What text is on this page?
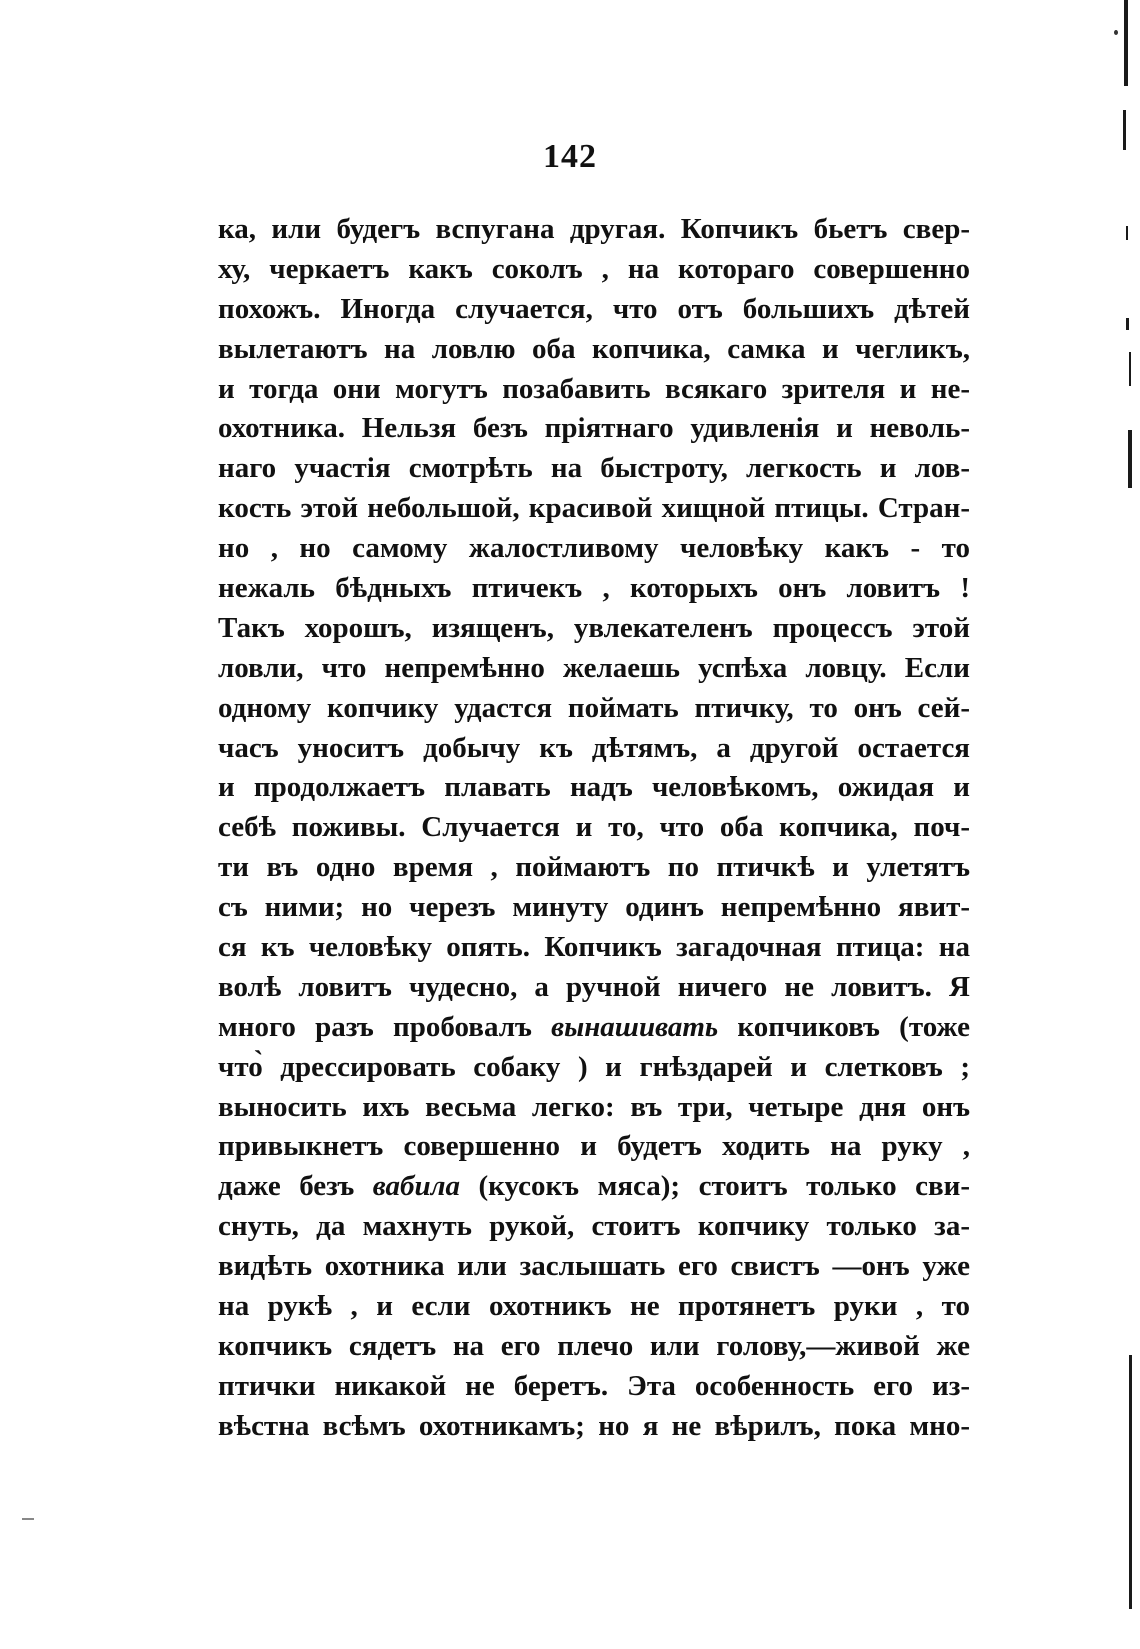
142
ка, или будегъ вспугана другая. Копчикъ бьетъ свер-
ху, черкаетъ какъ соколъ , на котораго совершенно
похожъ. Иногда случается, что отъ большихъ дѣтей
вылетаютъ на ловлю оба копчика, самка и чегликъ,
и тогда они могутъ позабавить всякаго зрителя и не-
охотника. Нельзя безъ пріятнаго удивленія и неволь-
наго участія смотрѣть на быстроту, легкость и лов-
кость этой небольшой, красивой хищной птицы. Стран-
но , но самому жалостливому человѣку какъ - то
нежаль бѣдныхъ птичекъ , которыхъ онъ ловитъ !
Такъ хорошъ, изященъ, увлекателенъ процессъ этой
ловли, что непремѣнно желаешь успѣха ловцу. Если
одному копчику удастся поймать птичку, то онъ сей-
часъ уноситъ добычу къ дѣтямъ, а другой остается
и продолжаетъ плавать надъ человѣкомъ, ожидая и
себѣ поживы. Случается и то, что оба копчика, поч-
ти въ одно время , поймаютъ по птичкѣ и улетятъ
съ ними; но черезъ минуту одинъ непремѣнно явит-
ся къ человѣку опять. Копчикъ загадочная птица: на
волѣ ловитъ чудесно, а ручной ничего не ловитъ. Я
много разъ пробовалъ вынашивать копчиковъ (тоже
что̀ дрессировать собаку ) и гнѣздарей и слетковъ ;
выносить ихъ весьма легко: въ три, четыре дня онъ
привыкнетъ совершенно и будетъ ходить на руку ,
даже безъ вабила (кусокъ мяса); стоитъ только сви-
снуть, да махнуть рукой, стоитъ копчику только за-
видѣть охотника или заслышать его свистъ —онъ уже
на рукѣ , и если охотникъ не протянетъ руки , то
копчикъ сядетъ на его плечо или голову,—живой же
птички никакой не беретъ. Эта особенность его из-
вѣстна всѣмъ охотникамъ; но я не вѣрилъ, пока мно-
